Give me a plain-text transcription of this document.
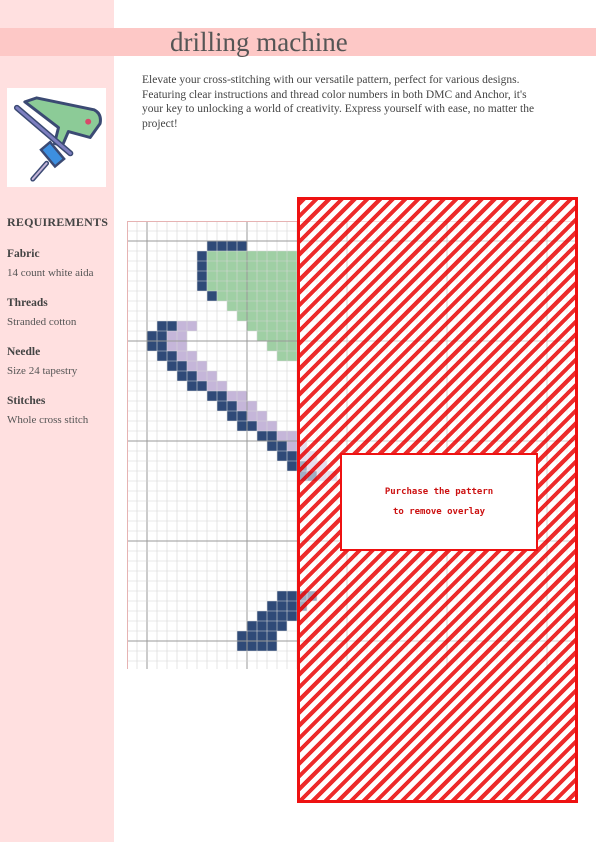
drilling machine
Elevate your cross-stitching with our versatile pattern, perfect for various designs. Featuring clear instructions and thread color numbers in both DMC and Anchor, it's your key to unlocking a world of creativity. Express yourself with ease, no matter the project!
REQUIREMENTS
Fabric
14 count white aida
Threads
Stranded cotton
Needle
Size 24 tapestry
Stitches
Whole cross stitch
Purchase the pattern
to remove overlay
